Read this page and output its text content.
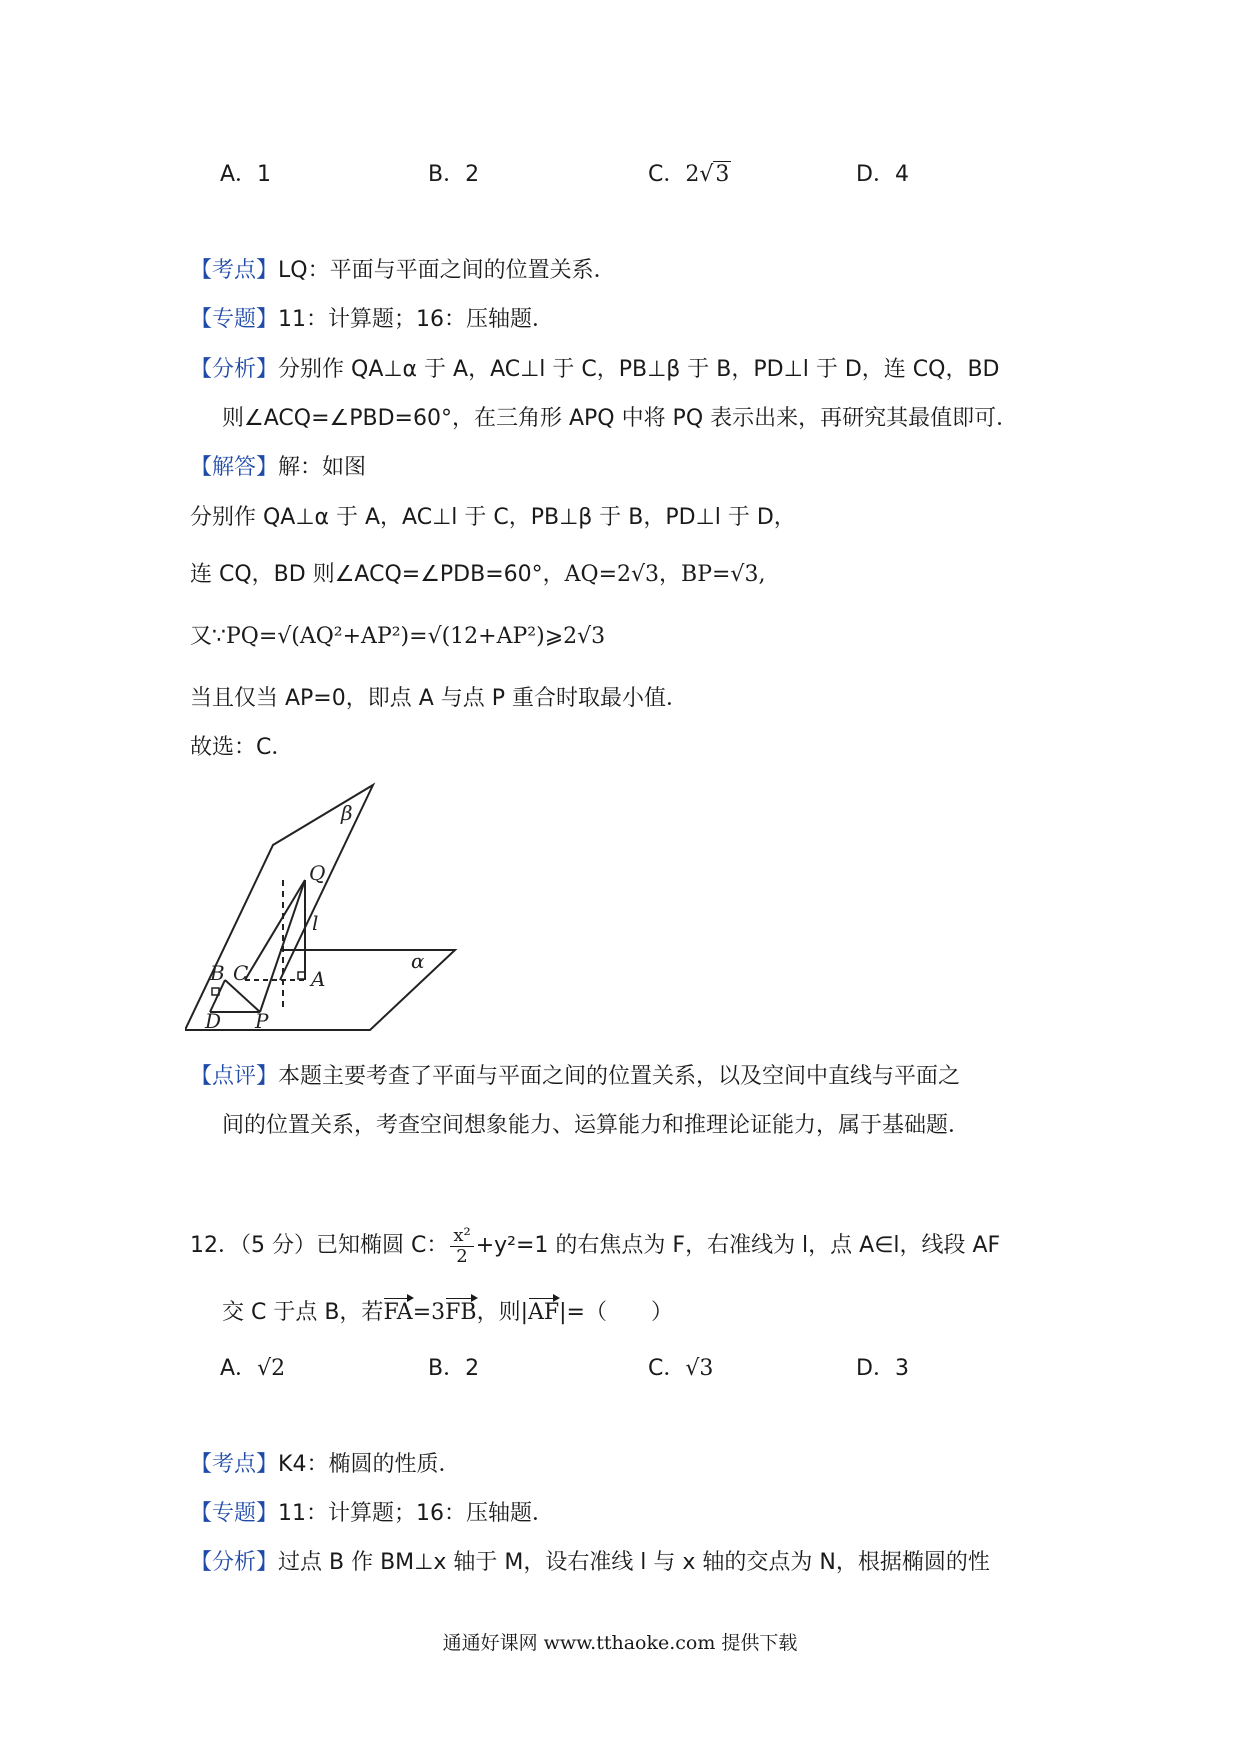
A．1	B．2	C．2√3	D．4
【考点】LQ：平面与平面之间的位置关系．
【专题】11：计算题；16：压轴题．
【分析】分别作 QA⊥α 于 A，AC⊥l 于 C，PB⊥β 于 B，PD⊥l 于 D，连 CQ，BD
则∠ACQ=∠PBD=60°，在三角形 APQ 中将 PQ 表示出来，再研究其最值即可．
【解答】解：如图
分别作 QA⊥α 于 A，AC⊥l 于 C，PB⊥β 于 B，PD⊥l 于 D，
连 CQ，BD 则∠ACQ=∠PDB=60°，AQ=2√3，BP=√3,
又∵PQ=√(AQ²+AP²)=√(12+AP²)⩾2√3
当且仅当 AP=0，即点 A 与点 P 重合时取最小值．
故选：C．
β
Q
l
α
B C	A
D P
【点评】本题主要考查了平面与平面之间的位置关系，以及空间中直线与平面之
间的位置关系，考查空间想象能力、运算能力和推理论证能力，属于基础题．
12．（5 分）已知椭圆 C： $\frac{\text{x²}}{2} +y^2=1$ 的右焦点为 F，右准线为 l，点 A∈l，线段 AF
交 C 于点 B，若FA=3FB，则|AF|=（　　）
A．√2	B．2	C．√3	D．3
【考点】K4：椭圆的性质．
【专题】11：计算题；16：压轴题．
【分析】过点 B 作 BM⊥x 轴于 M，设右准线 l 与 x 轴的交点为 N，根据椭圆的性
通通好课网 www.tthaoke.com 提供下载
